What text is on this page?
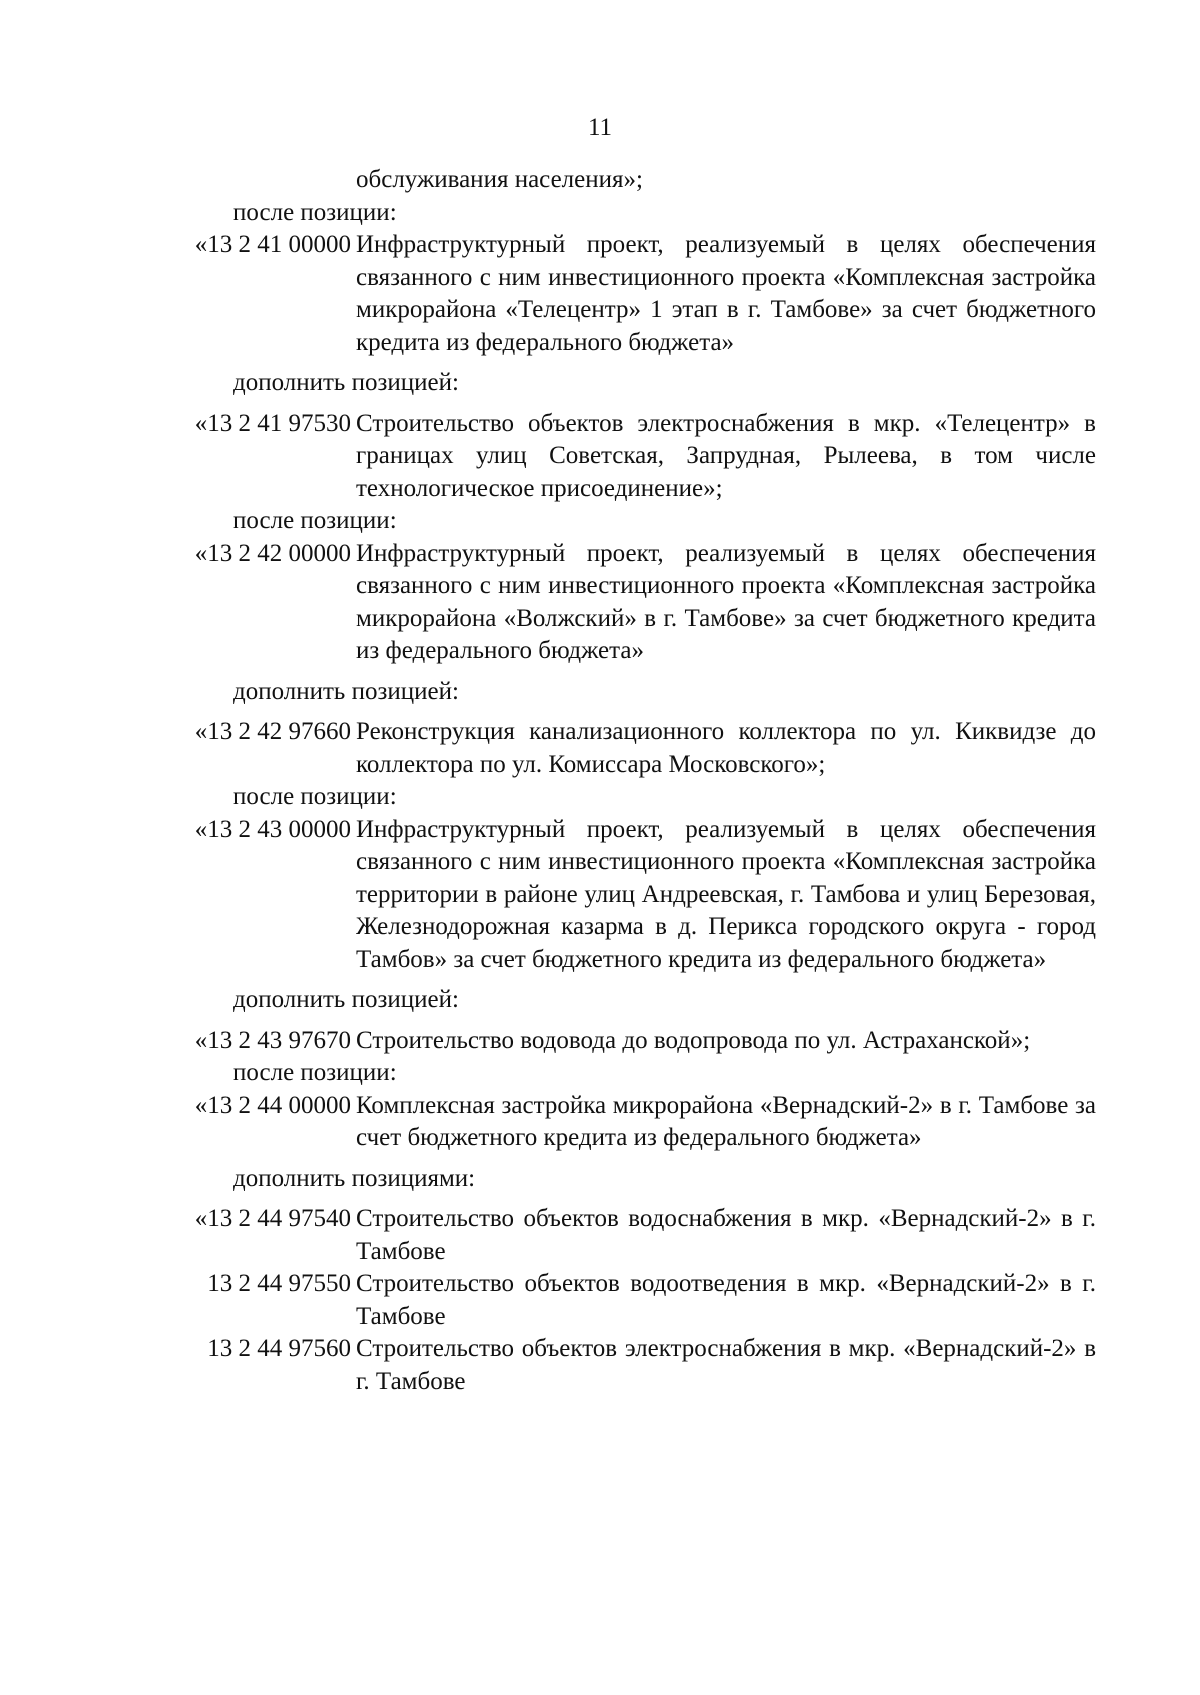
11
обслуживания населения»;
после позиции:
«13 2 41 00000 Инфраструктурный проект, реализуемый в целях обеспечения связанного с ним инвестиционного проекта «Комплексная застройка микрорайона «Телецентр» 1 этап в г. Тамбове» за счет бюджетного кредита из федерального бюджета»
дополнить позицией:
«13 2 41 97530 Строительство объектов электроснабжения в мкр. «Телецентр» в границах улиц Советская, Запрудная, Рылеева, в том числе технологическое присоединение»;
после позиции:
«13 2 42 00000 Инфраструктурный проект, реализуемый в целях обеспечения связанного с ним инвестиционного проекта «Комплексная застройка микрорайона «Волжский» в г. Тамбове» за счет бюджетного кредита из федерального бюджета»
дополнить позицией:
«13 2 42 97660 Реконструкция канализационного коллектора по ул. Киквидзе до коллектора по ул. Комиссара Московского»;
после позиции:
«13 2 43 00000 Инфраструктурный проект, реализуемый в целях обеспечения связанного с ним инвестиционного проекта «Комплексная застройка территории в районе улиц Андреевская, г. Тамбова и улиц Березовая, Железнодорожная казарма в д. Перикса городского округа - город Тамбов» за счет бюджетного кредита из федерального бюджета»
дополнить позицией:
«13 2 43 97670 Строительство водовода до водопровода по ул. Астраханской»;
после позиции:
«13 2 44 00000 Комплексная застройка микрорайона «Вернадский-2» в г. Тамбове за счет бюджетного кредита из федерального бюджета»
дополнить позициями:
«13 2 44 97540 Строительство объектов водоснабжения в мкр. «Вернадский-2» в г. Тамбове
13 2 44 97550 Строительство объектов водоотведения в мкр. «Вернадский-2» в г. Тамбове
13 2 44 97560 Строительство объектов электроснабжения в мкр. «Вернадский-2» в г. Тамбове
